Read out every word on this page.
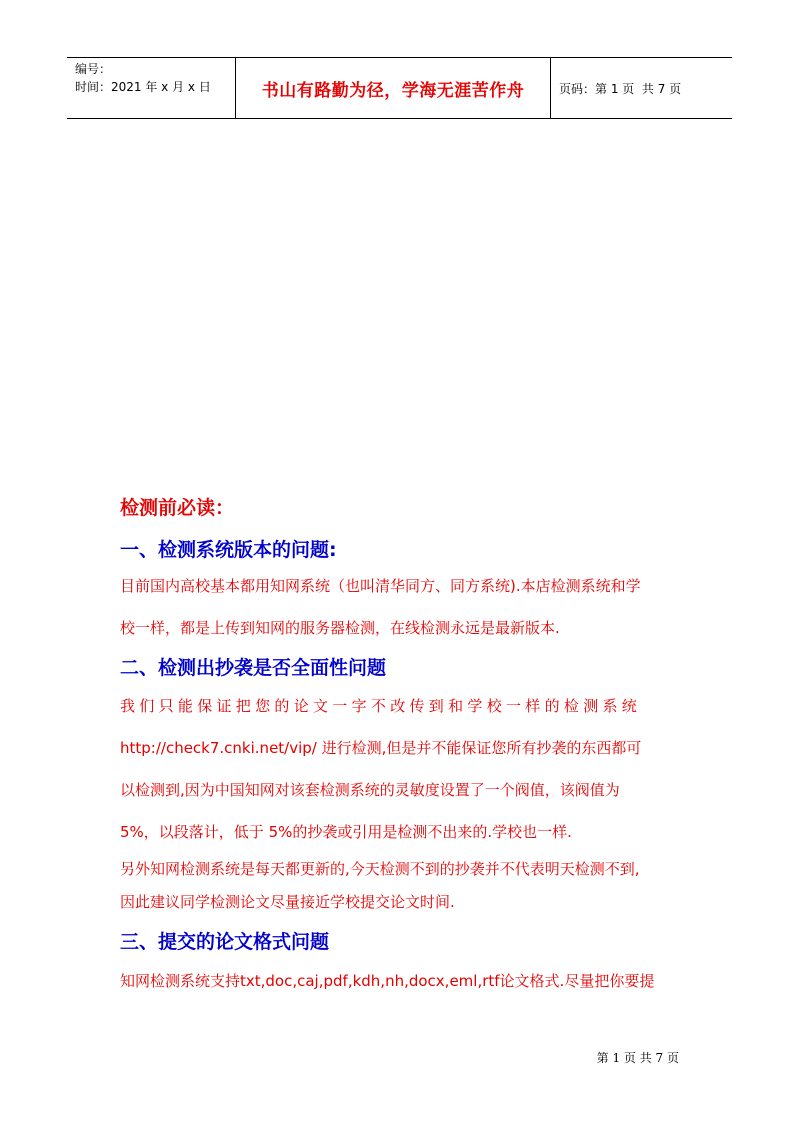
编号：
时间：2021 年 x 月 x 日	书山有路勤为径，学海无涯苦作舟	页码：第 1 页  共 7 页

检测前必读：

一、检测系统版本的问题:

目前国内高校基本都用知网系统（也叫清华同方、同方系统).本店检测系统和学
校一样，都是上传到知网的服务器检测，在线检测永远是最新版本.

二、检测出抄袭是否全面性问题

我们只能保证把您的论文一字不改传到和学校一样的检测系统
http://check7.cnki.net/vip/ 进行检测,但是并不能保证您所有抄袭的东西都可
以检测到,因为中国知网对该套检测系统的灵敏度设置了一个阀值，该阀值为
5%，以段落计，低于 5%的抄袭或引用是检测不出来的.学校也一样.

另外知网检测系统是每天都更新的,今天检测不到的抄袭并不代表明天检测不到,
因此建议同学检测论文尽量接近学校提交论文时间.

三、提交的论文格式问题

知网检测系统支持txt,doc,caj,pdf,kdh,nh,docx,eml,rtf论文格式.尽量把你要提

第 1 页 共 7 页
